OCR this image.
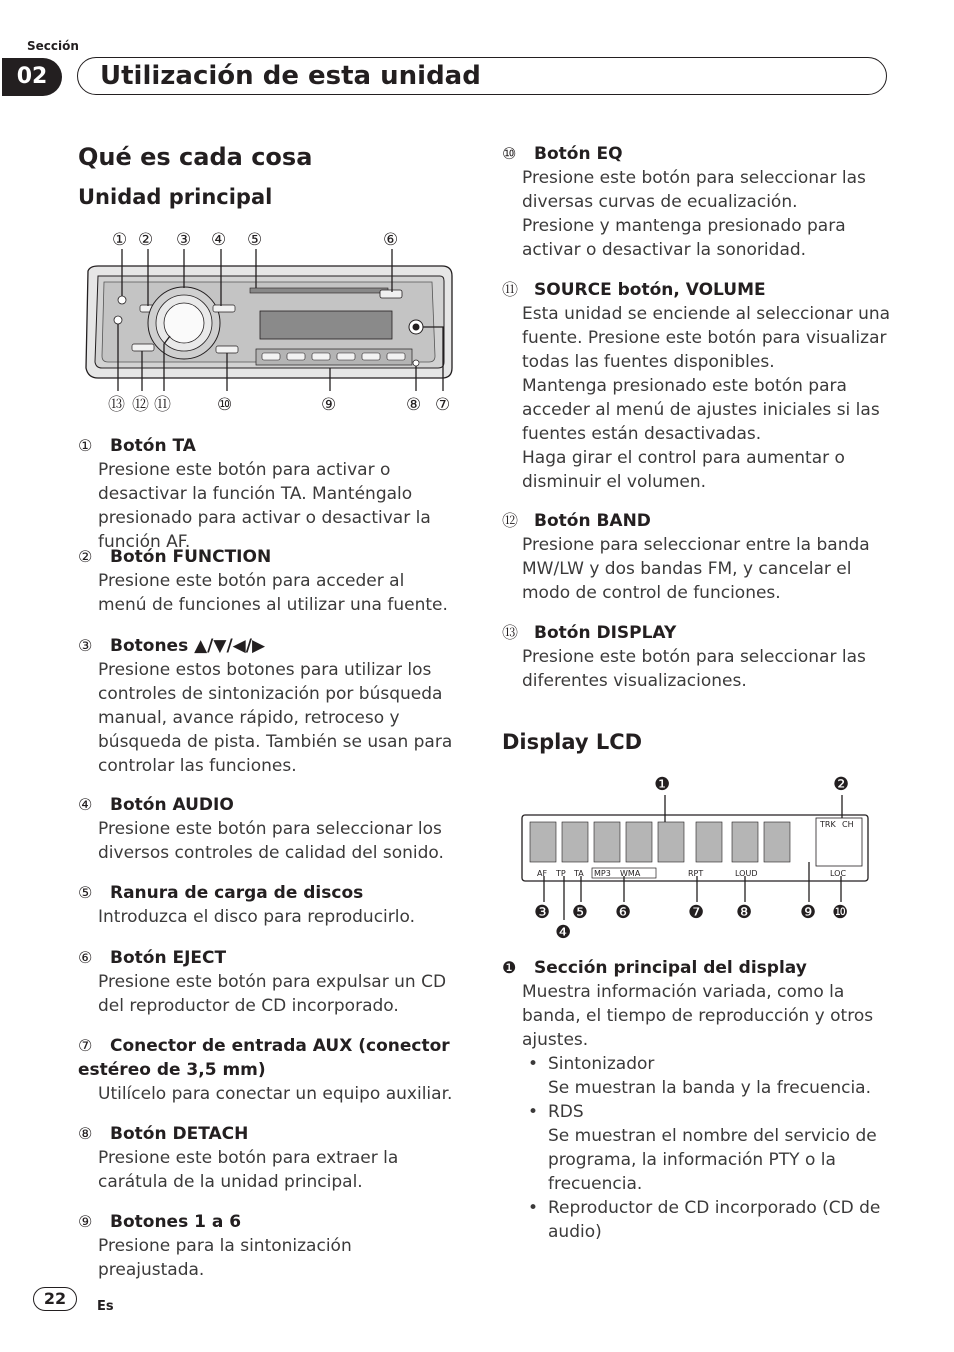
Sección
02	Utilización de esta unidad
Qué es cada cosa
Unidad principal
① ② ③ ④ ⑤	⑥
⑬ ⑫ ⑪	⑩	⑨	⑧ ⑦
① Botón TA
Presione este botón para activar o desactivar la función TA. Manténgalo presionado para activar o desactivar la función AF.
② Botón FUNCTION
Presione este botón para acceder al menú de funciones al utilizar una fuente.
③ Botones ▲/▼/◀/▶
Presione estos botones para utilizar los controles de sintonización por búsqueda manual, avance rápido, retroceso y búsqueda de pista. También se usan para controlar las funciones.
④ Botón AUDIO
Presione este botón para seleccionar los diversos controles de calidad del sonido.
⑤ Ranura de carga de discos
Introduzca el disco para reproducirlo.
⑥ Botón EJECT
Presione este botón para expulsar un CD del reproductor de CD incorporado.
⑦ Conector de entrada AUX (conector estéreo de 3,5 mm)
Utilícelo para conectar un equipo auxiliar.
⑧ Botón DETACH
Presione este botón para extraer la carátula de la unidad principal.
⑨ Botones 1 a 6
Presione para la sintonización preajustada.
⑩ Botón EQ

Presione este botón para seleccionar las diversas curvas de ecualización.

Presione y mantenga presionado para activar o desactivar la sonoridad.

⑪ SOURCE botón, VOLUME

Esta unidad se enciende al seleccionar una fuente. Presione este botón para visualizar todas las fuentes disponibles.

Mantenga presionado este botón para acceder al menú de ajustes iniciales si las fuentes están desactivadas.

Haga girar el control para aumentar o disminuir el volumen.

⑫ Botón BAND

Presione para seleccionar entre la banda MW/LW y dos bandas FM, y cancelar el modo de control de funciones.

⑬ Botón DISPLAY

Presione este botón para seleccionar las diferentes visualizaciones.

Display LCD
❶	❷
❸
❹
❺ ❻	❼ ❽	❾ ❿
TRK CH
AF TP TA MP3 WMA	RPT	LOUD	LOC
❶ Sección principal del display

Muestra información variada, como la banda, el tiempo de reproducción y otros ajustes.

• Sintonizador

Se muestran la banda y la frecuencia.

• RDS

Se muestran el nombre del servicio de programa, la información PTY o la frecuencia.

• Reproductor de CD incorporado (CD de audio)

22	Es
